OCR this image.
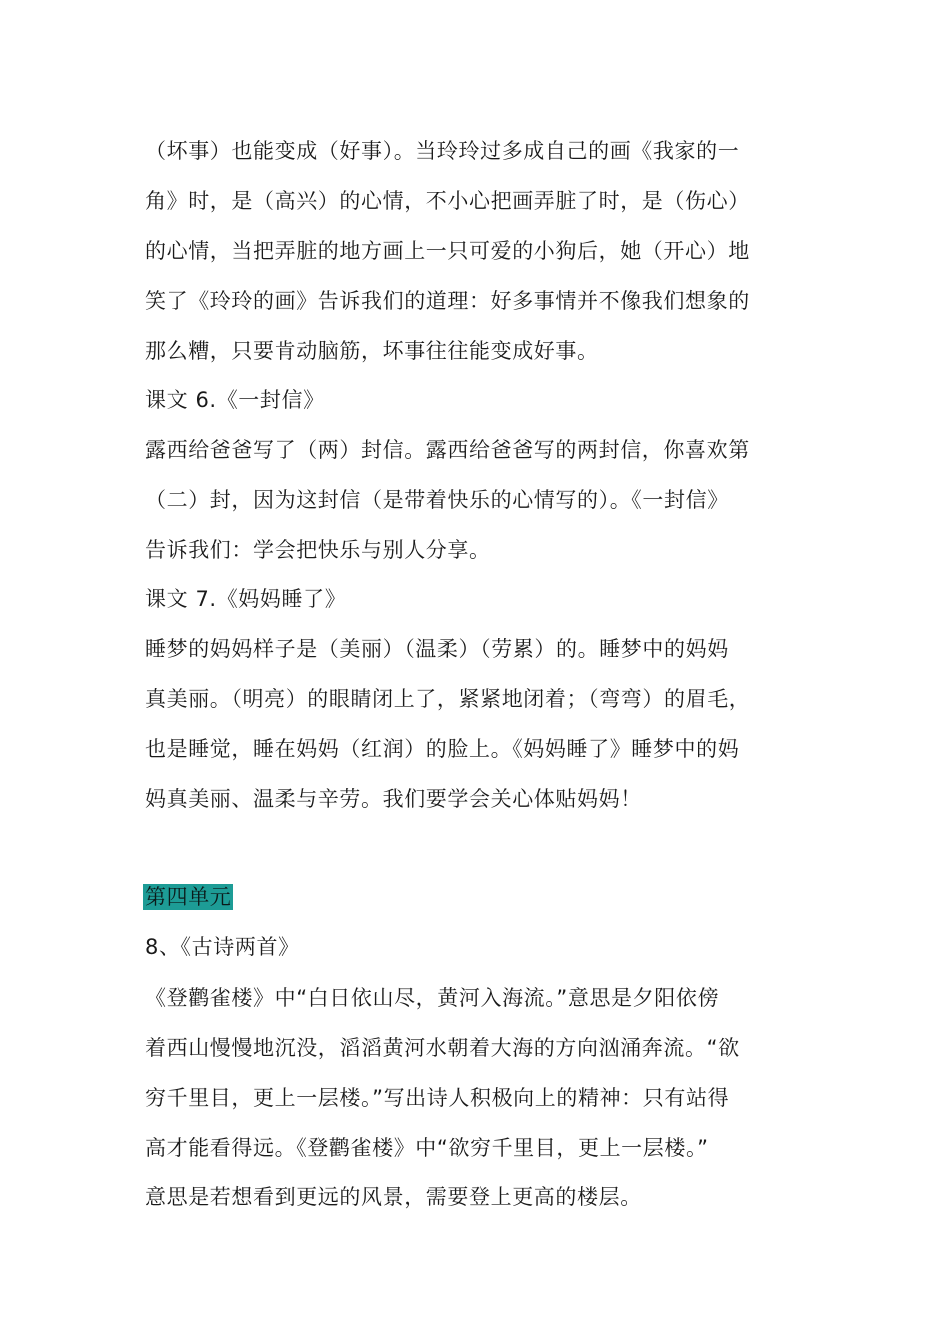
（坏事）也能变成（好事）。当玲玲过多成自己的画《我家的一
角》时，是（高兴）的心情，不小心把画弄脏了时，是（伤心）
的心情，当把弄脏的地方画上一只可爱的小狗后，她（开心）地
笑了《玲玲的画》告诉我们的道理：好多事情并不像我们想象的
那么糟，只要肯动脑筋，坏事往往能变成好事。
课文 6.《一封信》
露西给爸爸写了（两）封信。露西给爸爸写的两封信，你喜欢第
（二）封，因为这封信（是带着快乐的心情写的）。《一封信》
告诉我们：学会把快乐与别人分享。
课文 7.《妈妈睡了》
睡梦的妈妈样子是（美丽）（温柔）（劳累）的。睡梦中的妈妈
真美丽。（明亮）的眼睛闭上了，紧紧地闭着；（弯弯）的眉毛，
也是睡觉，睡在妈妈（红润）的脸上。《妈妈睡了》睡梦中的妈
妈真美丽、温柔与辛劳。我们要学会关心体贴妈妈！
第四单元
8、《古诗两首》
《登鹳雀楼》中“白日依山尽，黄河入海流。”意思是夕阳依傍
着西山慢慢地沉没，滔滔黄河水朝着大海的方向汹涌奔流。“欲
穷千里目，更上一层楼。”写出诗人积极向上的精神：只有站得
高才能看得远。《登鹳雀楼》中“欲穷千里目，更上一层楼。”
意思是若想看到更远的风景，需要登上更高的楼层。
